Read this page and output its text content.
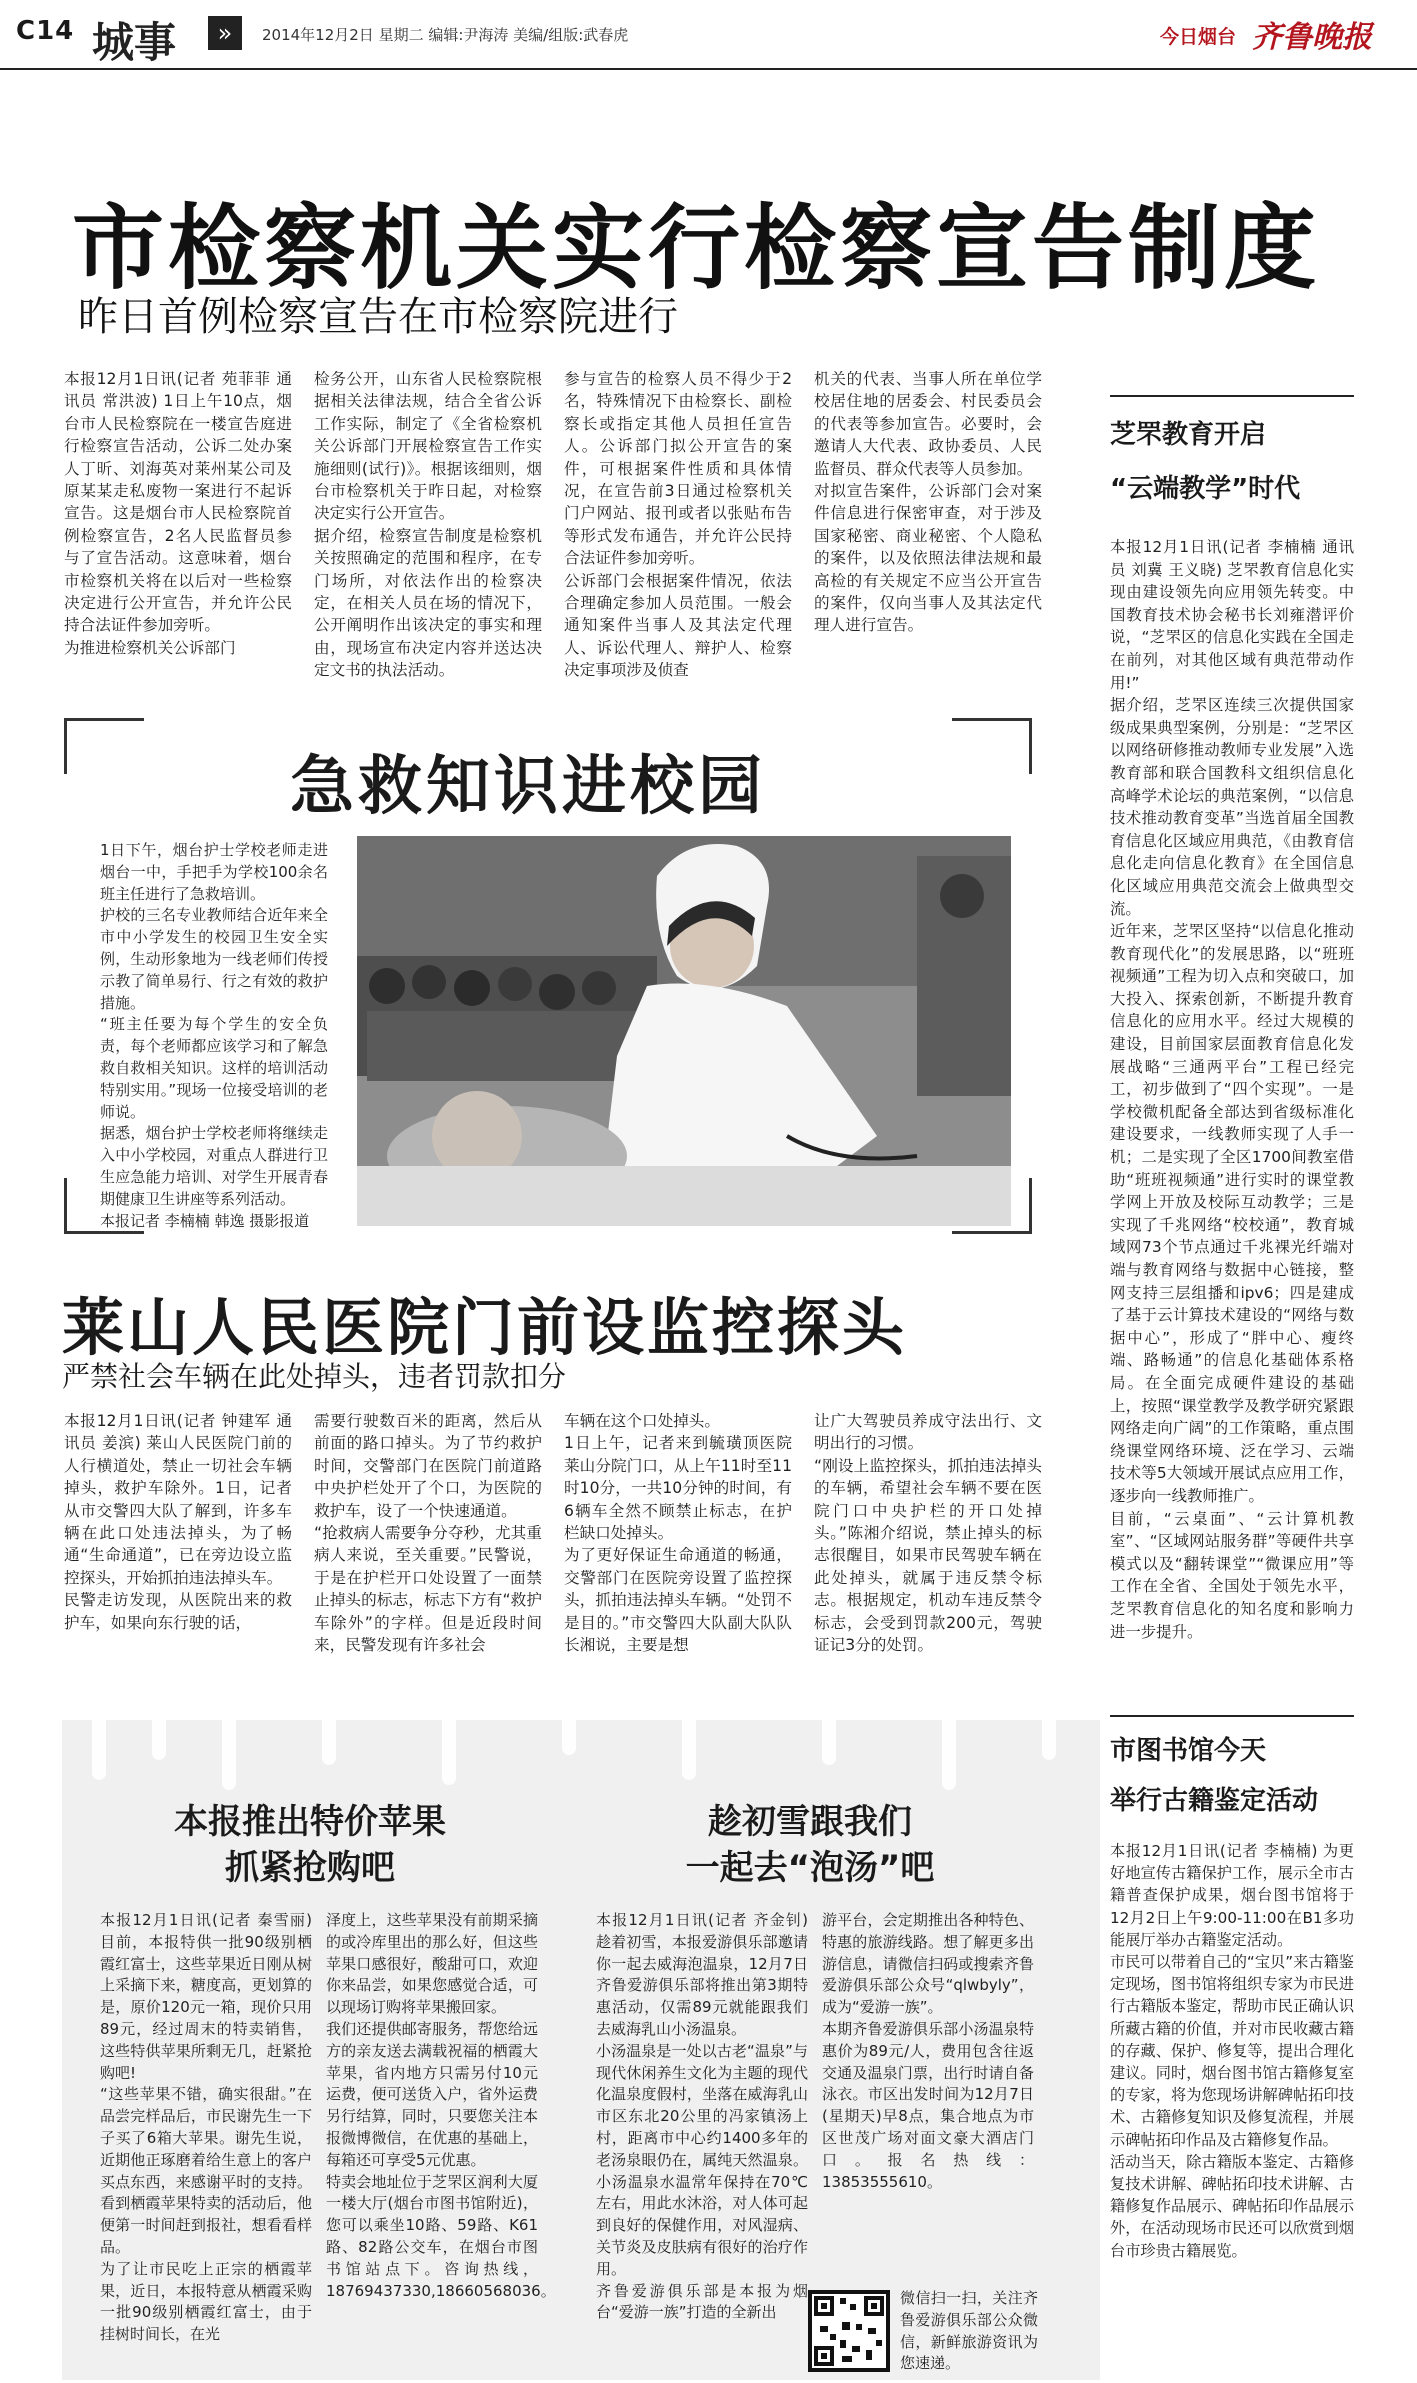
C14 城事	»	2014年12月2日 星期二 编辑:尹海涛 美编/组版:武春虎	今日烟台 齐鲁晚报
市检察机关实行检察宣告制度
昨日首例检察宣告在市检察院进行
本报12月1日讯(记者 苑菲菲 通讯员 常洪波) 1日上午10点，烟台市人民检察院在一楼宣告庭进行检察宣告活动，公诉二处办案人丁昕、刘海英对莱州某公司及原某某走私废物一案进行不起诉宣告。这是烟台市人民检察院首例检察宣告，2名人民监督员参与了宣告活动。这意味着，烟台市检察机关将在以后对一些检察决定进行公开宣告，并允许公民持合法证件参加旁听。
为推进检察机关公诉部门
检务公开，山东省人民检察院根据相关法律法规，结合全省公诉工作实际，制定了《全省检察机关公诉部门开展检察宣告工作实施细则(试行)》。根据该细则，烟台市检察机关于昨日起，对检察决定实行公开宣告。
据介绍，检察宣告制度是检察机关按照确定的范围和程序，在专门场所，对依法作出的检察决定，在相关人员在场的情况下，公开阐明作出该决定的事实和理由，现场宣布决定内容并送达决定文书的执法活动。
参与宣告的检察人员不得少于2名，特殊情况下由检察长、副检察长或指定其他人员担任宣告人。公诉部门拟公开宣告的案件，可根据案件性质和具体情况，在宣告前3日通过检察机关门户网站、报刊或者以张贴布告等形式发布通告，并允许公民持合法证件参加旁听。
公诉部门会根据案件情况，依法合理确定参加人员范围。一般会通知案件当事人及其法定代理人、诉讼代理人、辩护人、检察决定事项涉及侦查
机关的代表、当事人所在单位学校居住地的居委会、村民委员会的代表等参加宣告。必要时，会邀请人大代表、政协委员、人民监督员、群众代表等人员参加。
对拟宣告案件，公诉部门会对案件信息进行保密审查，对于涉及国家秘密、商业秘密、个人隐私的案件，以及依照法律法规和最高检的有关规定不应当公开宣告的案件，仅向当事人及其法定代理人进行宣告。
急救知识进校园
1日下午，烟台护士学校老师走进烟台一中，手把手为学校100余名班主任进行了急救培训。
护校的三名专业教师结合近年来全市中小学发生的校园卫生安全实例，生动形象地为一线老师们传授示教了简单易行、行之有效的救护措施。
“班主任要为每个学生的安全负责，每个老师都应该学习和了解急救自救相关知识。这样的培训活动特别实用。”现场一位接受培训的老师说。
据悉，烟台护士学校老师将继续走入中小学校园，对重点人群进行卫生应急能力培训、对学生开展青春期健康卫生讲座等系列活动。
本报记者 李楠楠 韩逸 摄影报道
莱山人民医院门前设监控探头
严禁社会车辆在此处掉头，违者罚款扣分
本报12月1日讯(记者 钟建军 通讯员 姜滨) 莱山人民医院门前的人行横道处，禁止一切社会车辆掉头，救护车除外。1日，记者从市交警四大队了解到，许多车辆在此口处违法掉头，为了畅通“生命通道”，已在旁边设立监控探头，开始抓拍违法掉头车。
民警走访发现，从医院出来的救护车，如果向东行驶的话，
需要行驶数百米的距离，然后从前面的路口掉头。为了节约救护时间，交警部门在医院门前道路中央护栏处开了个口，为医院的救护车，设了一个快速通道。
“抢救病人需要争分夺秒，尤其重病人来说，至关重要。”民警说，于是在护栏开口处设置了一面禁止掉头的标志，标志下方有“救护车除外”的字样。但是近段时间来，民警发现有许多社会
车辆在这个口处掉头。
1日上午，记者来到毓璜顶医院莱山分院门口，从上午11时至11时10分，一共10分钟的时间，有6辆车全然不顾禁止标志，在护栏缺口处掉头。
为了更好保证生命通道的畅通，交警部门在医院旁设置了监控探头，抓拍违法掉头车辆。“处罚不是目的。”市交警四大队副大队队长湘说，主要是想
让广大驾驶员养成守法出行、文明出行的习惯。
“刚设上监控探头，抓拍违法掉头的车辆，希望社会车辆不要在医院门口中央护栏的开口处掉头。”陈湘介绍说，禁止掉头的标志很醒目，如果市民驾驶车辆在此处掉头，就属于违反禁令标志。根据规定，机动车违反禁令标志，会受到罚款200元，驾驶证记3分的处罚。
芝罘教育开启
“云端教学”时代
本报12月1日讯(记者 李楠楠 通讯员 刘冀 王义晓) 芝罘教育信息化实现由建设领先向应用领先转变。中国教育技术协会秘书长刘雍潜评价说，“芝罘区的信息化实践在全国走在前列，对其他区域有典范带动作用!”
据介绍，芝罘区连续三次提供国家级成果典型案例，分别是：“芝罘区以网络研修推动教师专业发展”入选教育部和联合国教科文组织信息化高峰学术论坛的典范案例，“以信息技术推动教育变革”当选首届全国教育信息化区域应用典范，《由教育信息化走向信息化教育》在全国信息化区域应用典范交流会上做典型交流。
近年来，芝罘区坚持“以信息化推动教育现代化”的发展思路，以“班班视频通”工程为切入点和突破口，加大投入、探索创新，不断提升教育信息化的应用水平。经过大规模的建设，目前国家层面教育信息化发展战略“三通两平台”工程已经完工，初步做到了“四个实现”。一是学校微机配备全部达到省级标准化建设要求，一线教师实现了人手一机；二是实现了全区1700间教室借助“班班视频通”进行实时的课堂教学网上开放及校际互动教学；三是实现了千兆网络“校校通”，教育城域网73个节点通过千兆裸光纤端对端与教育网络与数据中心链接，整网支持三层组播和ipv6；四是建成了基于云计算技术建设的“网络与数据中心”，形成了“胖中心、瘦终端、路畅通”的信息化基础体系格局。在全面完成硬件建设的基础上，按照“课堂教学及教学研究紧跟网络走向广阔”的工作策略，重点围绕课堂网络环境、泛在学习、云端技术等5大领域开展试点应用工作，逐步向一线教师推广。
目前，“云桌面”、“云计算机教室”、“区域网站服务群”等硬件共享模式以及“翻转课堂”“微课应用”等工作在全省、全国处于领先水平，芝罘教育信息化的知名度和影响力进一步提升。
市图书馆今天
举行古籍鉴定活动
本报12月1日讯(记者 李楠楠) 为更好地宣传古籍保护工作，展示全市古籍普查保护成果，烟台图书馆将于12月2日上午9:00-11:00在B1多功能展厅举办古籍鉴定活动。
市民可以带着自己的“宝贝”来古籍鉴定现场，图书馆将组织专家为市民进行古籍版本鉴定，帮助市民正确认识所藏古籍的价值，并对市民收藏古籍的存藏、保护、修复等，提出合理化建议。同时，烟台图书馆古籍修复室的专家，将为您现场讲解碑帖拓印技术、古籍修复知识及修复流程，并展示碑帖拓印作品及古籍修复作品。
活动当天，除古籍版本鉴定、古籍修复技术讲解、碑帖拓印技术讲解、古籍修复作品展示、碑帖拓印作品展示外，在活动现场市民还可以欣赏到烟台市珍贵古籍展览。
本报推出特价苹果
抓紧抢购吧
本报12月1日讯(记者 秦雪丽) 目前，本报特供一批90级别栖霞红富士，这些苹果近日刚从树上采摘下来，糖度高，更划算的是，原价120元一箱，现价只用89元，经过周末的特卖销售，这些特供苹果所剩无几，赶紧抢购吧!
“这些苹果不错，确实很甜。”在品尝完样品后，市民谢先生一下子买了6箱大苹果。谢先生说，近期他正琢磨着给生意上的客户买点东西，来感谢平时的支持。看到栖霞苹果特卖的活动后，他便第一时间赶到报社，想看看样品。
为了让市民吃上正宗的栖霞苹果，近日，本报特意从栖霞采购一批90级别栖霞红富士，由于挂树时间长，在光
泽度上，这些苹果没有前期采摘的或冷库里出的那么好，但这些苹果口感很好，酸甜可口，欢迎你来品尝，如果您感觉合适，可以现场订购将苹果搬回家。
我们还提供邮寄服务，帮您给远方的亲友送去满载祝福的栖霞大苹果，省内地方只需另付10元运费，便可送货入户，省外运费另行结算，同时，只要您关注本报微博微信，在优惠的基础上，每箱还可享受5元优惠。
特卖会地址位于芝罘区润利大厦一楼大厅(烟台市图书馆附近)，您可以乘坐10路、59路、K61路、82路公交车，在烟台市图书馆站点下。咨询热线，18769437330,18660568036。
趁初雪跟我们
一起去“泡汤”吧
本报12月1日讯(记者 齐金钊) 趁着初雪，本报爱游俱乐部邀请你一起去威海泡温泉，12月7日齐鲁爱游俱乐部将推出第3期特惠活动，仅需89元就能跟我们去威海乳山小汤温泉。
小汤温泉是一处以古老“温泉”与现代休闲养生文化为主题的现代化温泉度假村，坐落在威海乳山市区东北20公里的冯家镇汤上村，距离市中心约1400多年的老汤泉眼仍在，属纯天然温泉。小汤温泉水温常年保持在70℃左右，用此水沐浴，对人体可起到良好的保健作用，对风湿病、关节炎及皮肤病有很好的治疗作用。
齐鲁爱游俱乐部是本报为烟台“爱游一族”打造的全新出
游平台，会定期推出各种特色、特惠的旅游线路。想了解更多出游信息，请微信扫码或搜索齐鲁爱游俱乐部公众号“qlwbyly”，成为“爱游一族”。
本期齐鲁爱游俱乐部小汤温泉特惠价为89元/人，费用包含往返交通及温泉门票，出行时请自备泳衣。市区出发时间为12月7日(星期天)早8点，集合地点为市区世茂广场对面文豪大酒店门口。报名热线：13853555610。
微信扫一扫，关注齐鲁爱游俱乐部公众微信，新鲜旅游资讯为您速递。
